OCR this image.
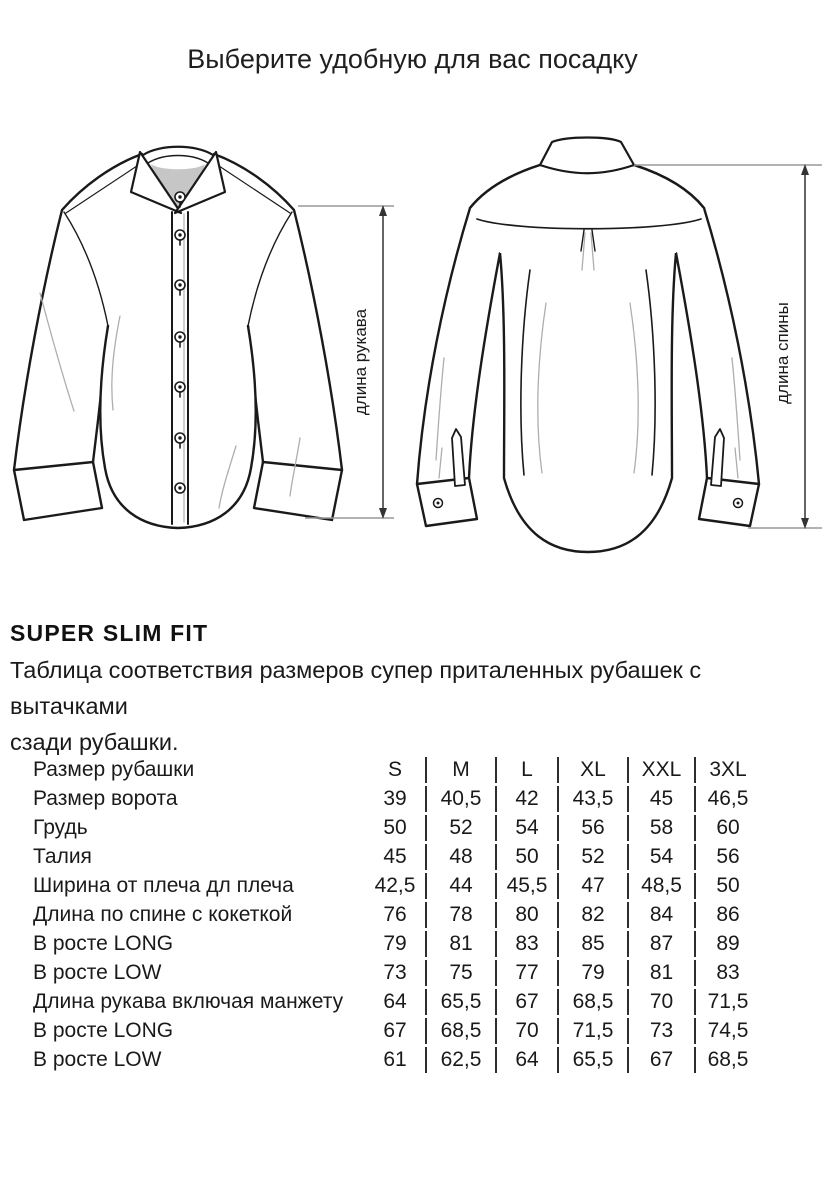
Выберите удобную для вас посадку
длина рукава	длина спины
SUPER SLIM FIT
Таблица соответствия размеров супер приталенных рубашек с вытачками
сзади рубашки.
Размер рубашки	S	M	L	XL	XXL	3XL
Размер ворота	39	40,5	42	43,5	45	46,5
Грудь	50	52	54	56	58	60
Талия	45	48	50	52	54	56
Ширина от плеча дл плеча	42,5	44	45,5	47	48,5	50
Длина по спине с кокеткой	76	78	80	82	84	86
В росте LONG	79	81	83	85	87	89
В росте LOW	73	75	77	79	81	83
Длина рукава включая манжету	64	65,5	67	68,5	70	71,5
В росте LONG	67	68,5	70	71,5	73	74,5
В росте LOW	61	62,5	64	65,5	67	68,5
